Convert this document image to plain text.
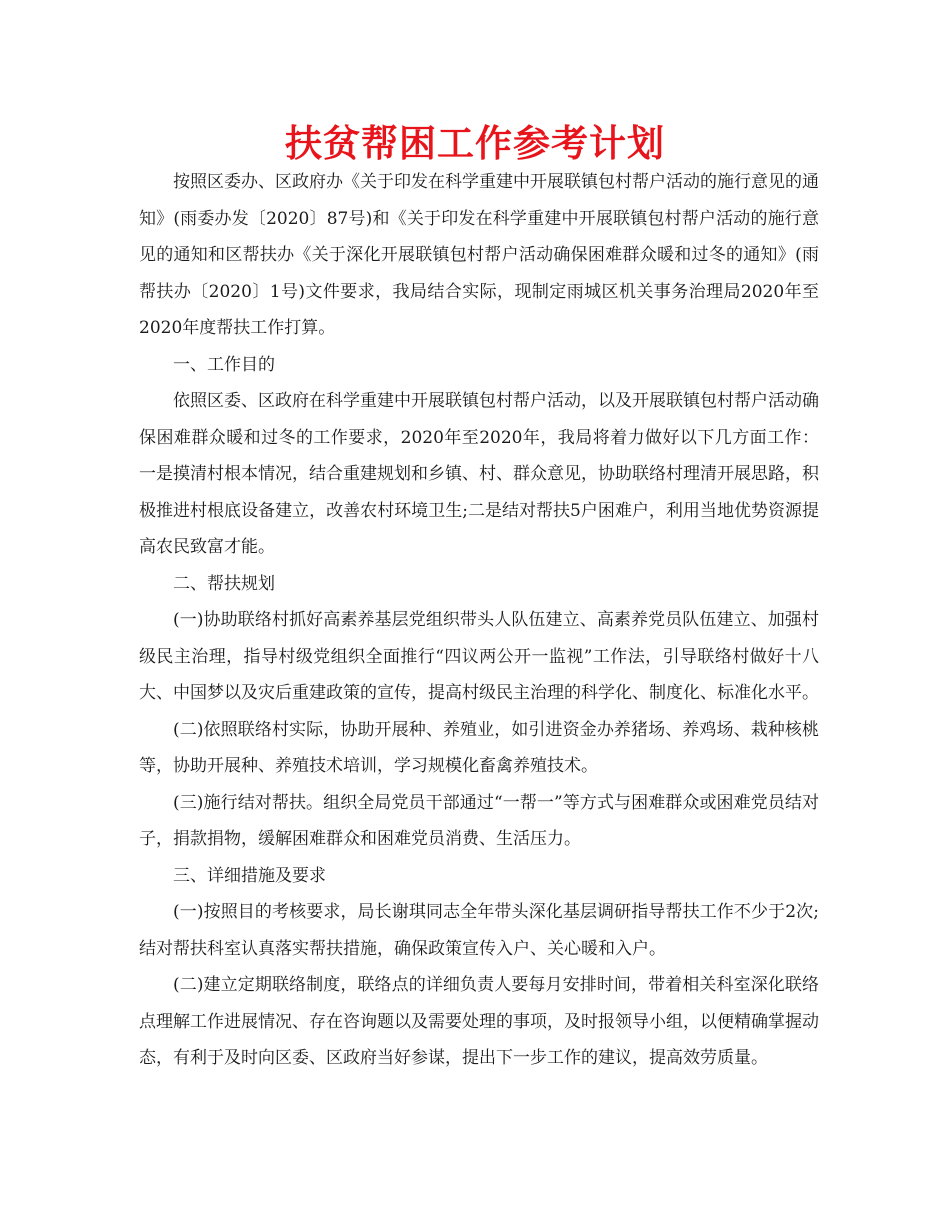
扶贫帮困工作参考计划

按照区委办、区政府办《关于印发在科学重建中开展联镇包村帮户活动的施行意见的通知》(雨委办发〔2020〕87号)和《关于印发在科学重建中开展联镇包村帮户活动的施行意见的通知和区帮扶办《关于深化开展联镇包村帮户活动确保困难群众暖和过冬的通知》(雨帮扶办〔2020〕1号)文件要求，我局结合实际，现制定雨城区机关事务治理局2020年至2020年度帮扶工作打算。

一、工作目的

依照区委、区政府在科学重建中开展联镇包村帮户活动，以及开展联镇包村帮户活动确保困难群众暖和过冬的工作要求，2020年至2020年，我局将着力做好以下几方面工作：一是摸清村根本情况，结合重建规划和乡镇、村、群众意见，协助联络村理清开展思路，积极推进村根底设备建立，改善农村环境卫生;二是结对帮扶5户困难户，利用当地优势资源提高农民致富才能。

二、帮扶规划

(一)协助联络村抓好高素养基层党组织带头人队伍建立、高素养党员队伍建立、加强村级民主治理，指导村级党组织全面推行“四议两公开一监视”工作法，引导联络村做好十八大、中国梦以及灾后重建政策的宣传，提高村级民主治理的科学化、制度化、标准化水平。

(二)依照联络村实际，协助开展种、养殖业，如引进资金办养猪场、养鸡场、栽种核桃等，协助开展种、养殖技术培训，学习规模化畜禽养殖技术。

(三)施行结对帮扶。组织全局党员干部通过“一帮一”等方式与困难群众或困难党员结对子，捐款捐物，缓解困难群众和困难党员消费、生活压力。

三、详细措施及要求

(一)按照目的考核要求，局长谢琪同志全年带头深化基层调研指导帮扶工作不少于2次;结对帮扶科室认真落实帮扶措施，确保政策宣传入户、关心暖和入户。

(二)建立定期联络制度，联络点的详细负责人要每月安排时间，带着相关科室深化联络点理解工作进展情况、存在咨询题以及需要处理的事项，及时报领导小组，以便精确掌握动态，有利于及时向区委、区政府当好参谋，提出下一步工作的建议，提高效劳质量。
